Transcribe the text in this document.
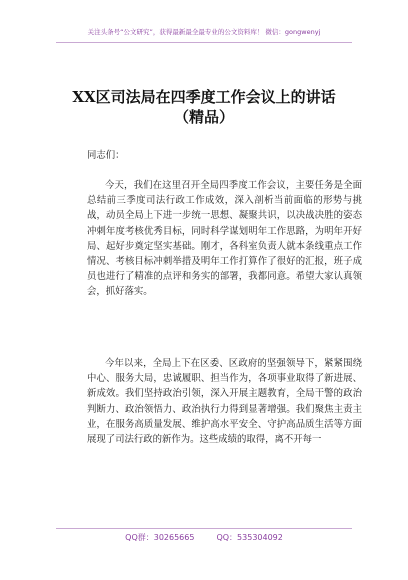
关注头条号“公文研究”，获得最新最全最专业的公文资料库！ 微信：gongwenyj
XX区司法局在四季度工作会议上的讲话
（精品）
同志们：

今天，我们在这里召开全局四季度工作会议，主要任务是全面总结前三季度司法行政工作成效，深入剖析当前面临的形势与挑战，动员全局上下进一步统一思想、凝聚共识，以决战决胜的姿态冲刺年度考核优秀目标，同时科学谋划明年工作思路，为明年开好局、起好步奠定坚实基础。刚才，各科室负责人就本条线重点工作情况、考核目标冲刺举措及明年工作打算作了很好的汇报，班子成员也进行了精准的点评和务实的部署，我都同意。希望大家认真领会，抓好落实。

今年以来，全局上下在区委、区政府的坚强领导下，紧紧围绕中心、服务大局，忠诚履职、担当作为，各项事业取得了新进展、新成效。我们坚持政治引领，深入开展主题教育，全局干警的政治判断力、政治领悟力、政治执行力得到显著增强。我们聚焦主责主业，在服务高质量发展、维护高水平安全、守护高品质生活等方面展现了司法行政的新作为。这些成绩的取得，离不开每一

QQ群：30265665	QQ：535304092
